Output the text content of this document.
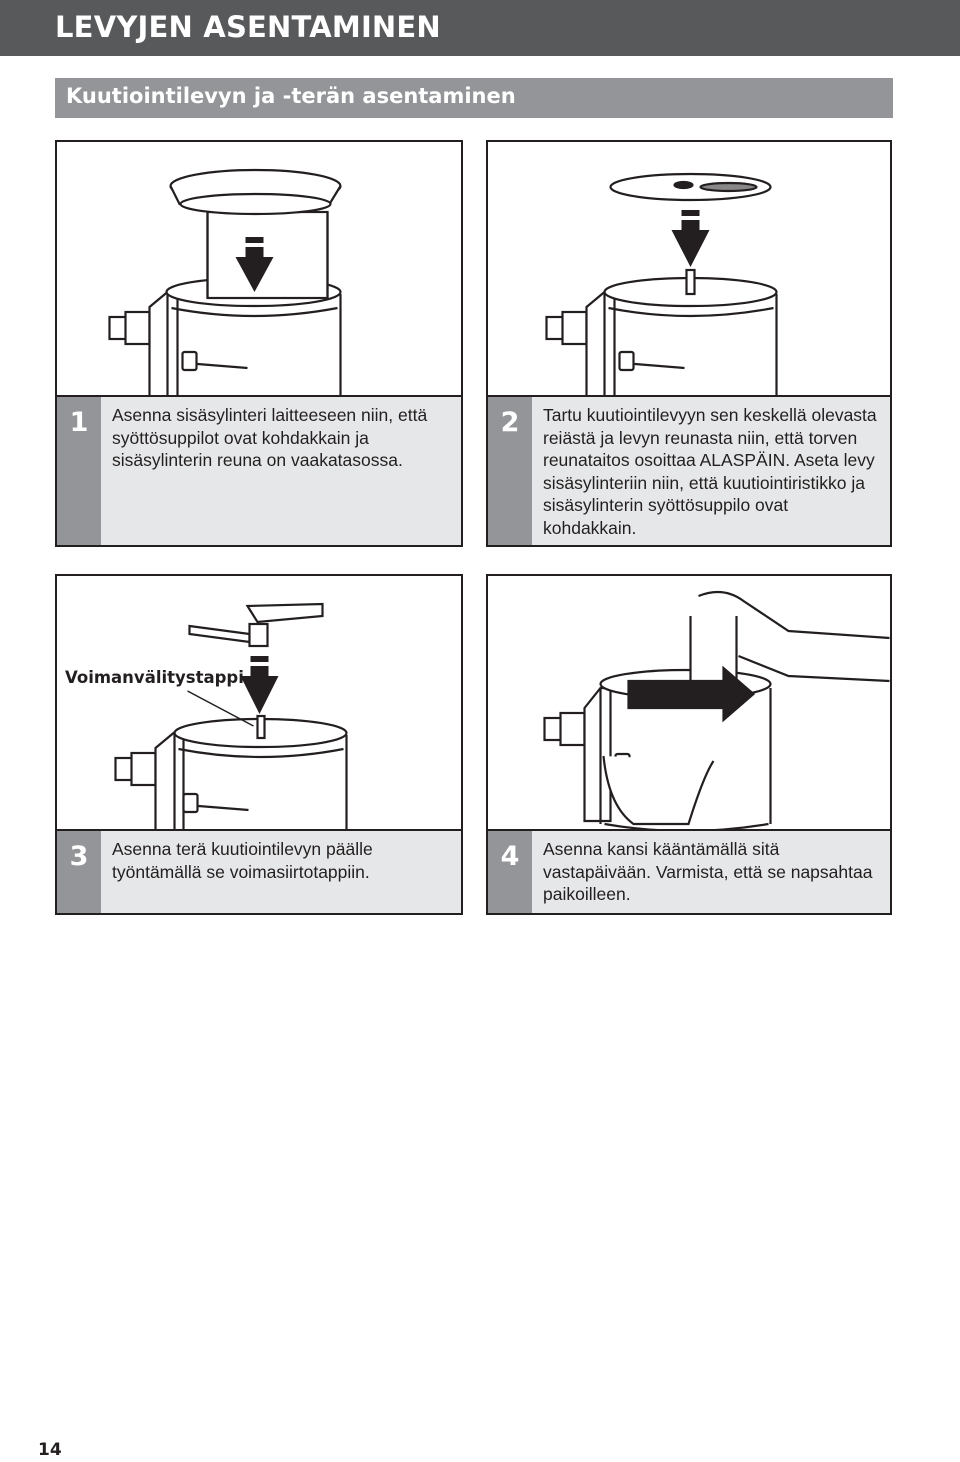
LEVYJEN ASENTAMINEN
Kuutiointilevyn ja -terän asentaminen
1	Asenna sisäsylinteri laitteeseen niin, että syöttösuppilot ovat kohdakkain ja sisäsylinterin reuna on vaakatasossa.
2	Tartu kuutiointilevyyn sen keskellä olevasta reiästä ja levyn reunasta niin, että torven reunataitos osoittaa ALASPÄIN. Aseta levy sisäsylinteriin niin, että kuutiointiristikko ja sisäsylinterin syöttösuppilo ovat kohdakkain.
Voimanvälitystappi
3	Asenna terä kuutiointilevyn päälle työntämällä se voimasiirtotappiin.	4	Asenna kansi kääntämällä sitä vastapäivään. Varmista, että se napsahtaa paikoilleen.
14
